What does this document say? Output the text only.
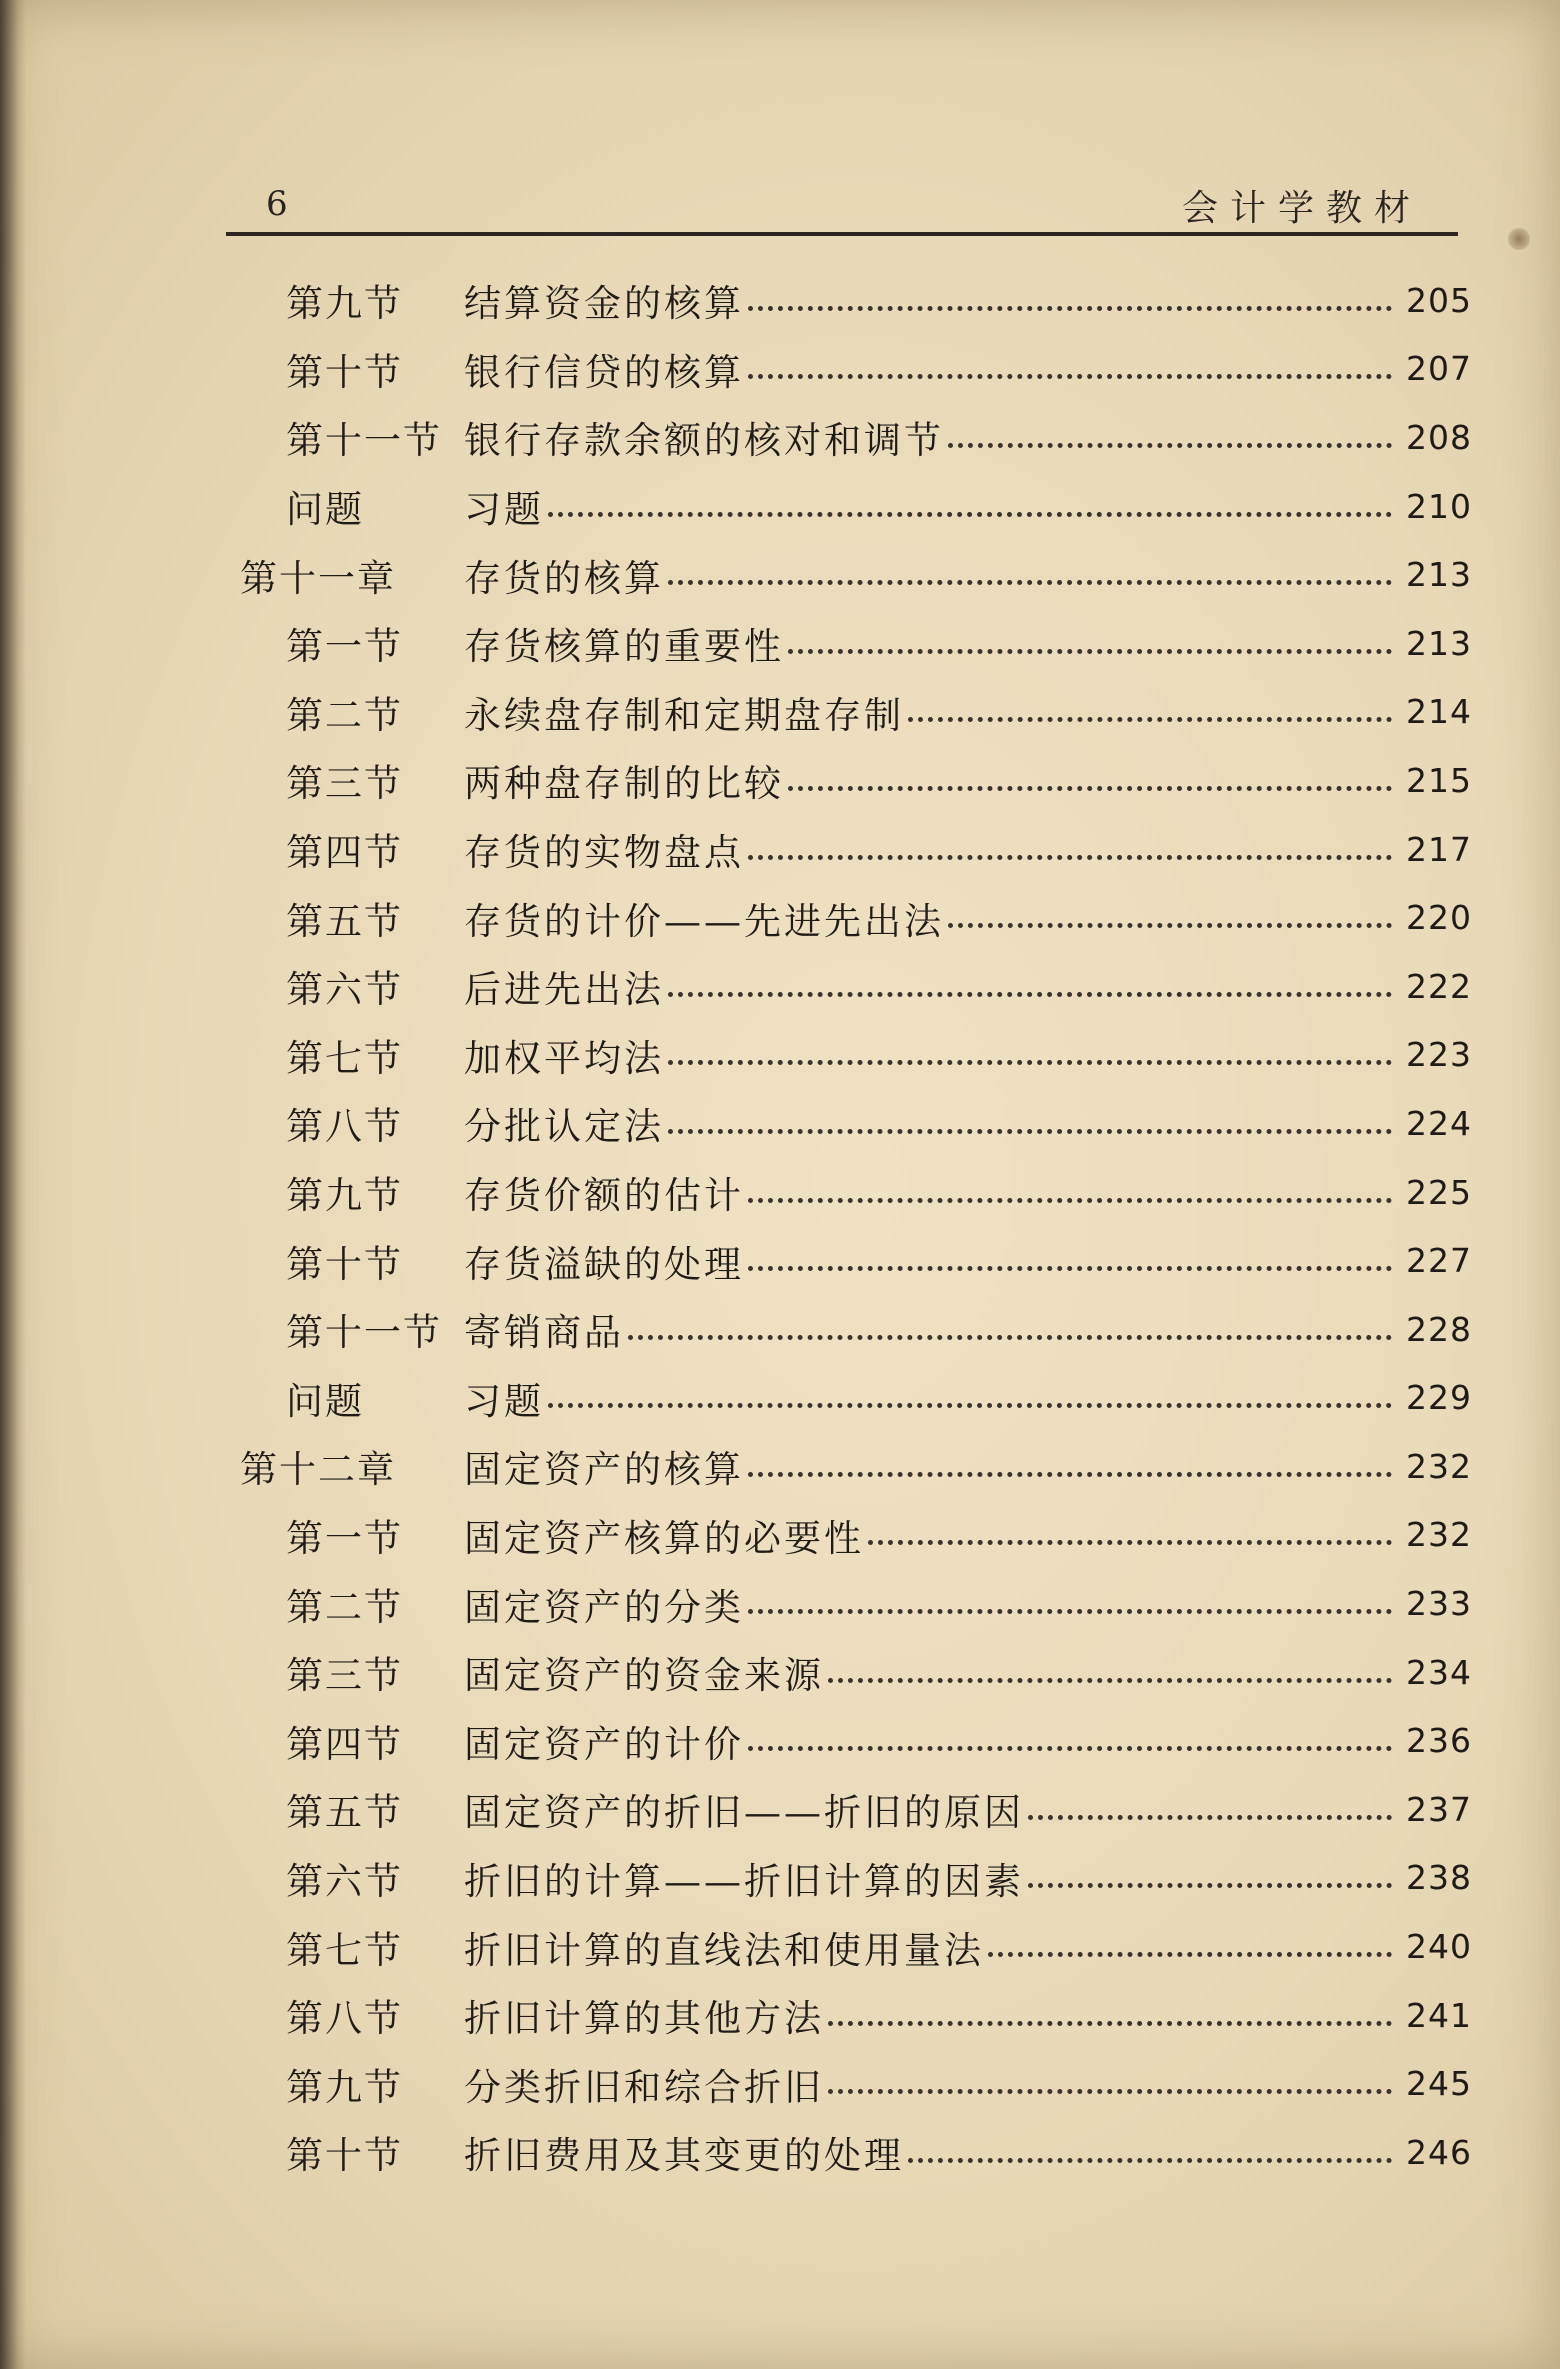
6	会计学教材
第九节	结算资金的核算	205
第十节	银行信贷的核算	207
第十一节 银行存款余额的核对和调节	208
问题	习题	210
第十一章	存货的核算	213
第一节	存货核算的重要性	213
第二节	永续盘存制和定期盘存制	214
第三节	两种盘存制的比较	215
第四节	存货的实物盘点	217
第五节	存货的计价——先进先出法	220
第六节	后进先出法	222
第七节	加权平均法	223
第八节	分批认定法	224
第九节	存货价额的估计	225
第十节	存货溢缺的处理	227
第十一节 寄销商品	228
问题	习题	229
第十二章	固定资产的核算	232
第一节	固定资产核算的必要性	232
第二节	固定资产的分类	233
第三节	固定资产的资金来源	234
第四节	固定资产的计价	236
第五节	固定资产的折旧——折旧的原因	237
第六节	折旧的计算——折旧计算的因素	238
第七节	折旧计算的直线法和使用量法	240
第八节	折旧计算的其他方法	241
第九节	分类折旧和综合折旧	245
第十节	折旧费用及其变更的处理	246
